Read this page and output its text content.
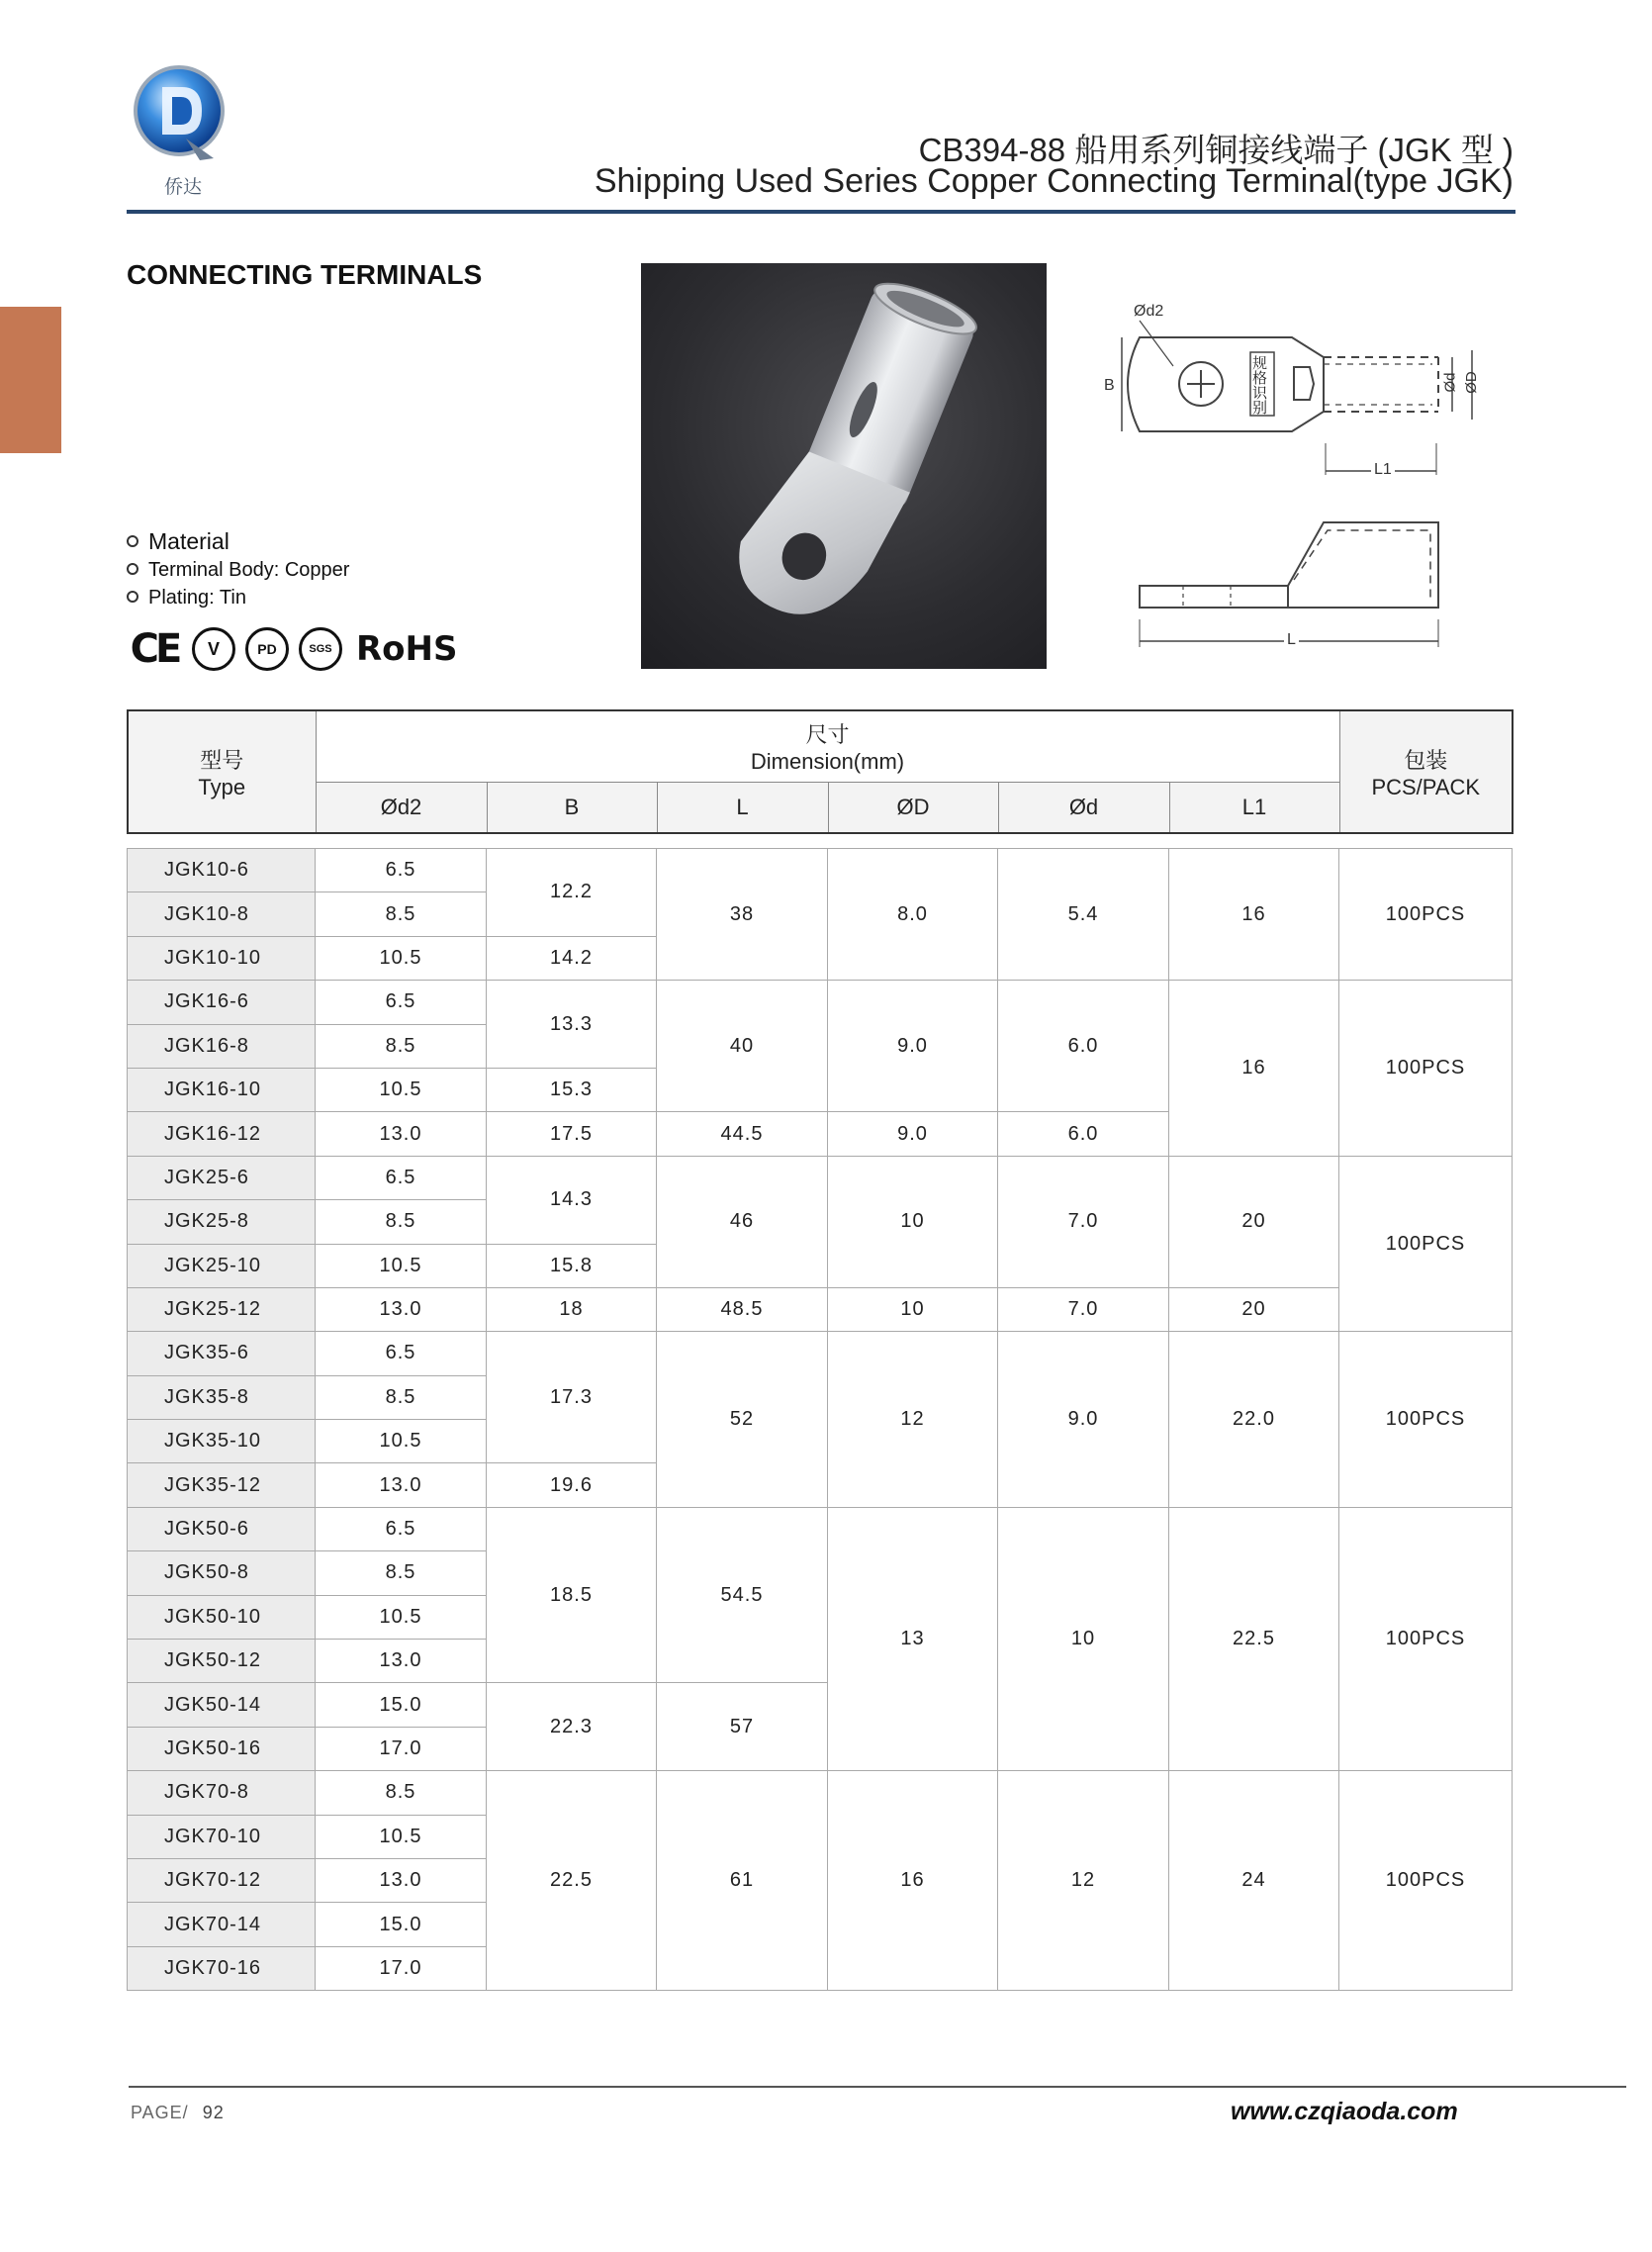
侨达
CB394-88 船用系列铜接线端子 (JGK 型 )
Shipping Used Series Copper Connecting Terminal(type JGK)
CONNECTING TERMINALS
Material
Terminal Body: Copper
Plating: Tin
CE	V	PD	SGS RoHS
Ød2
B
规格识别
Ød ØD
L1
L
型号
Type	尺寸
Dimension(mm)						包装
PCS/PACK

	Ød2	B	L	ØD	Ød	L1	
JGK10-6	6.5	12.2	38	8.0	5.4	16	100PCS
JGK10-8	8.5						
JGK10-10	10.5	14.2					
JGK16-6	6.5	13.3	40	9.0	6.0	16	100PCS
JGK16-8	8.5						
JGK16-10	10.5	15.3					
JGK16-12	13.0	17.5	44.5	9.0	6.0		
JGK25-6	6.5	14.3	46	10	7.0	20	100PCS
JGK25-8	8.5						
JGK25-10	10.5	15.8					
JGK25-12	13.0	18	48.5	10	7.0	20	
JGK35-6	6.5	17.3	52	12	9.0	22.0	100PCS
JGK35-8	8.5						
JGK35-10	10.5						
JGK35-12	13.0	19.6					
JGK50-6	6.5	18.5	54.5	13	10	22.5	100PCS
JGK50-8	8.5						
JGK50-10	10.5						
JGK50-12	13.0						
JGK50-14	15.0	22.3	57				
JGK50-16	17.0						
JGK70-8	8.5	22.5	61	16	12	24	100PCS
JGK70-10	10.5						
JGK70-12	13.0						
JGK70-14	15.0						
JGK70-16	17.0						
PAGE/ 92	www.czqiaoda.com
